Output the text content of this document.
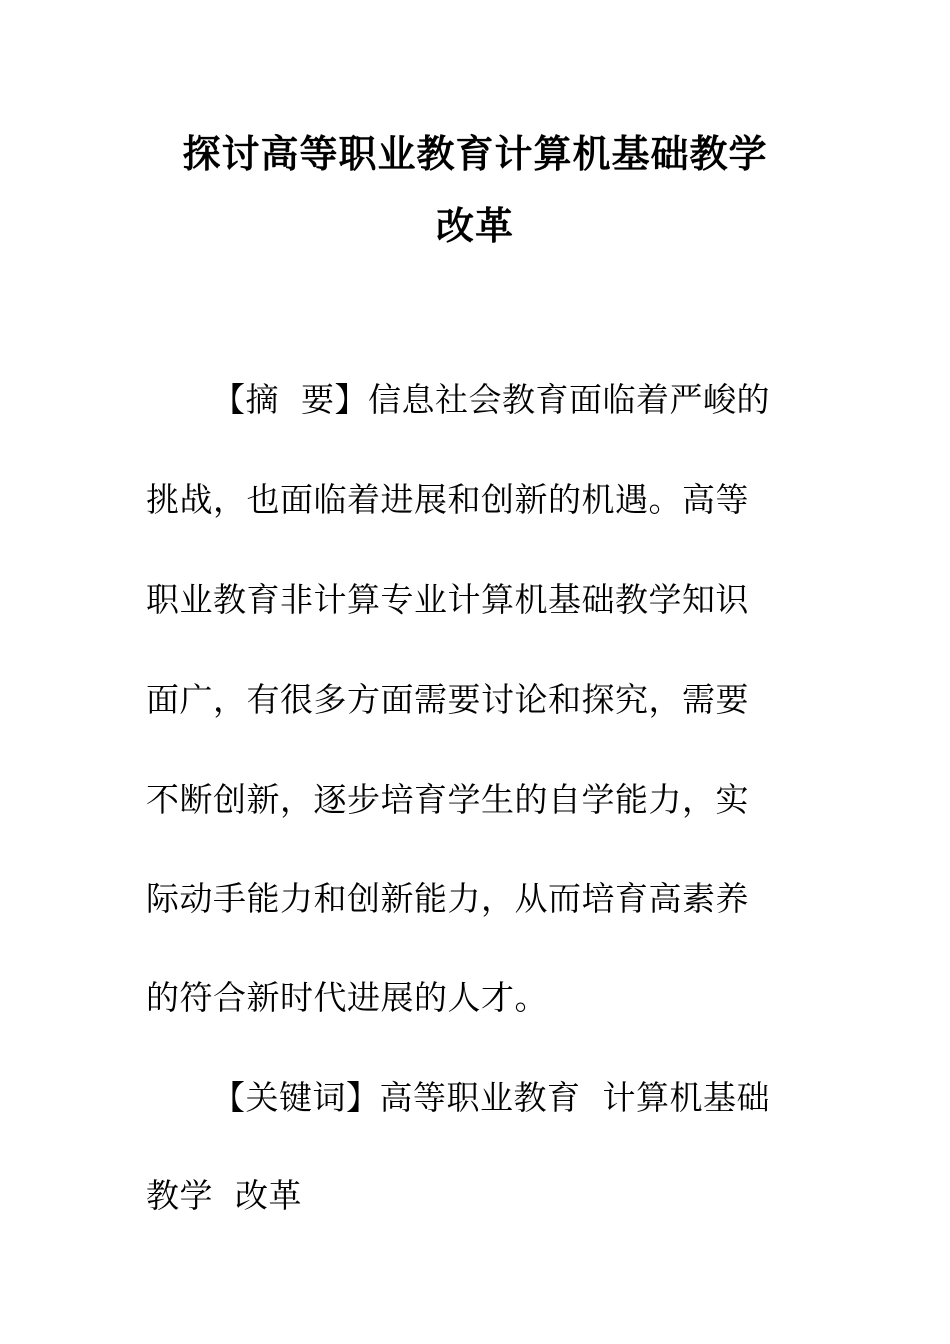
探讨高等职业教育计算机基础教学
改革
【摘  要】信息社会教育面临着严峻的
挑战，也面临着进展和创新的机遇。高等
职业教育非计算专业计算机基础教学知识
面广，有很多方面需要讨论和探究，需要
不断创新，逐步培育学生的自学能力，实
际动手能力和创新能力，从而培育高素养
的符合新时代进展的人才。
【关键词】高等职业教育  计算机基础
教学  改革
